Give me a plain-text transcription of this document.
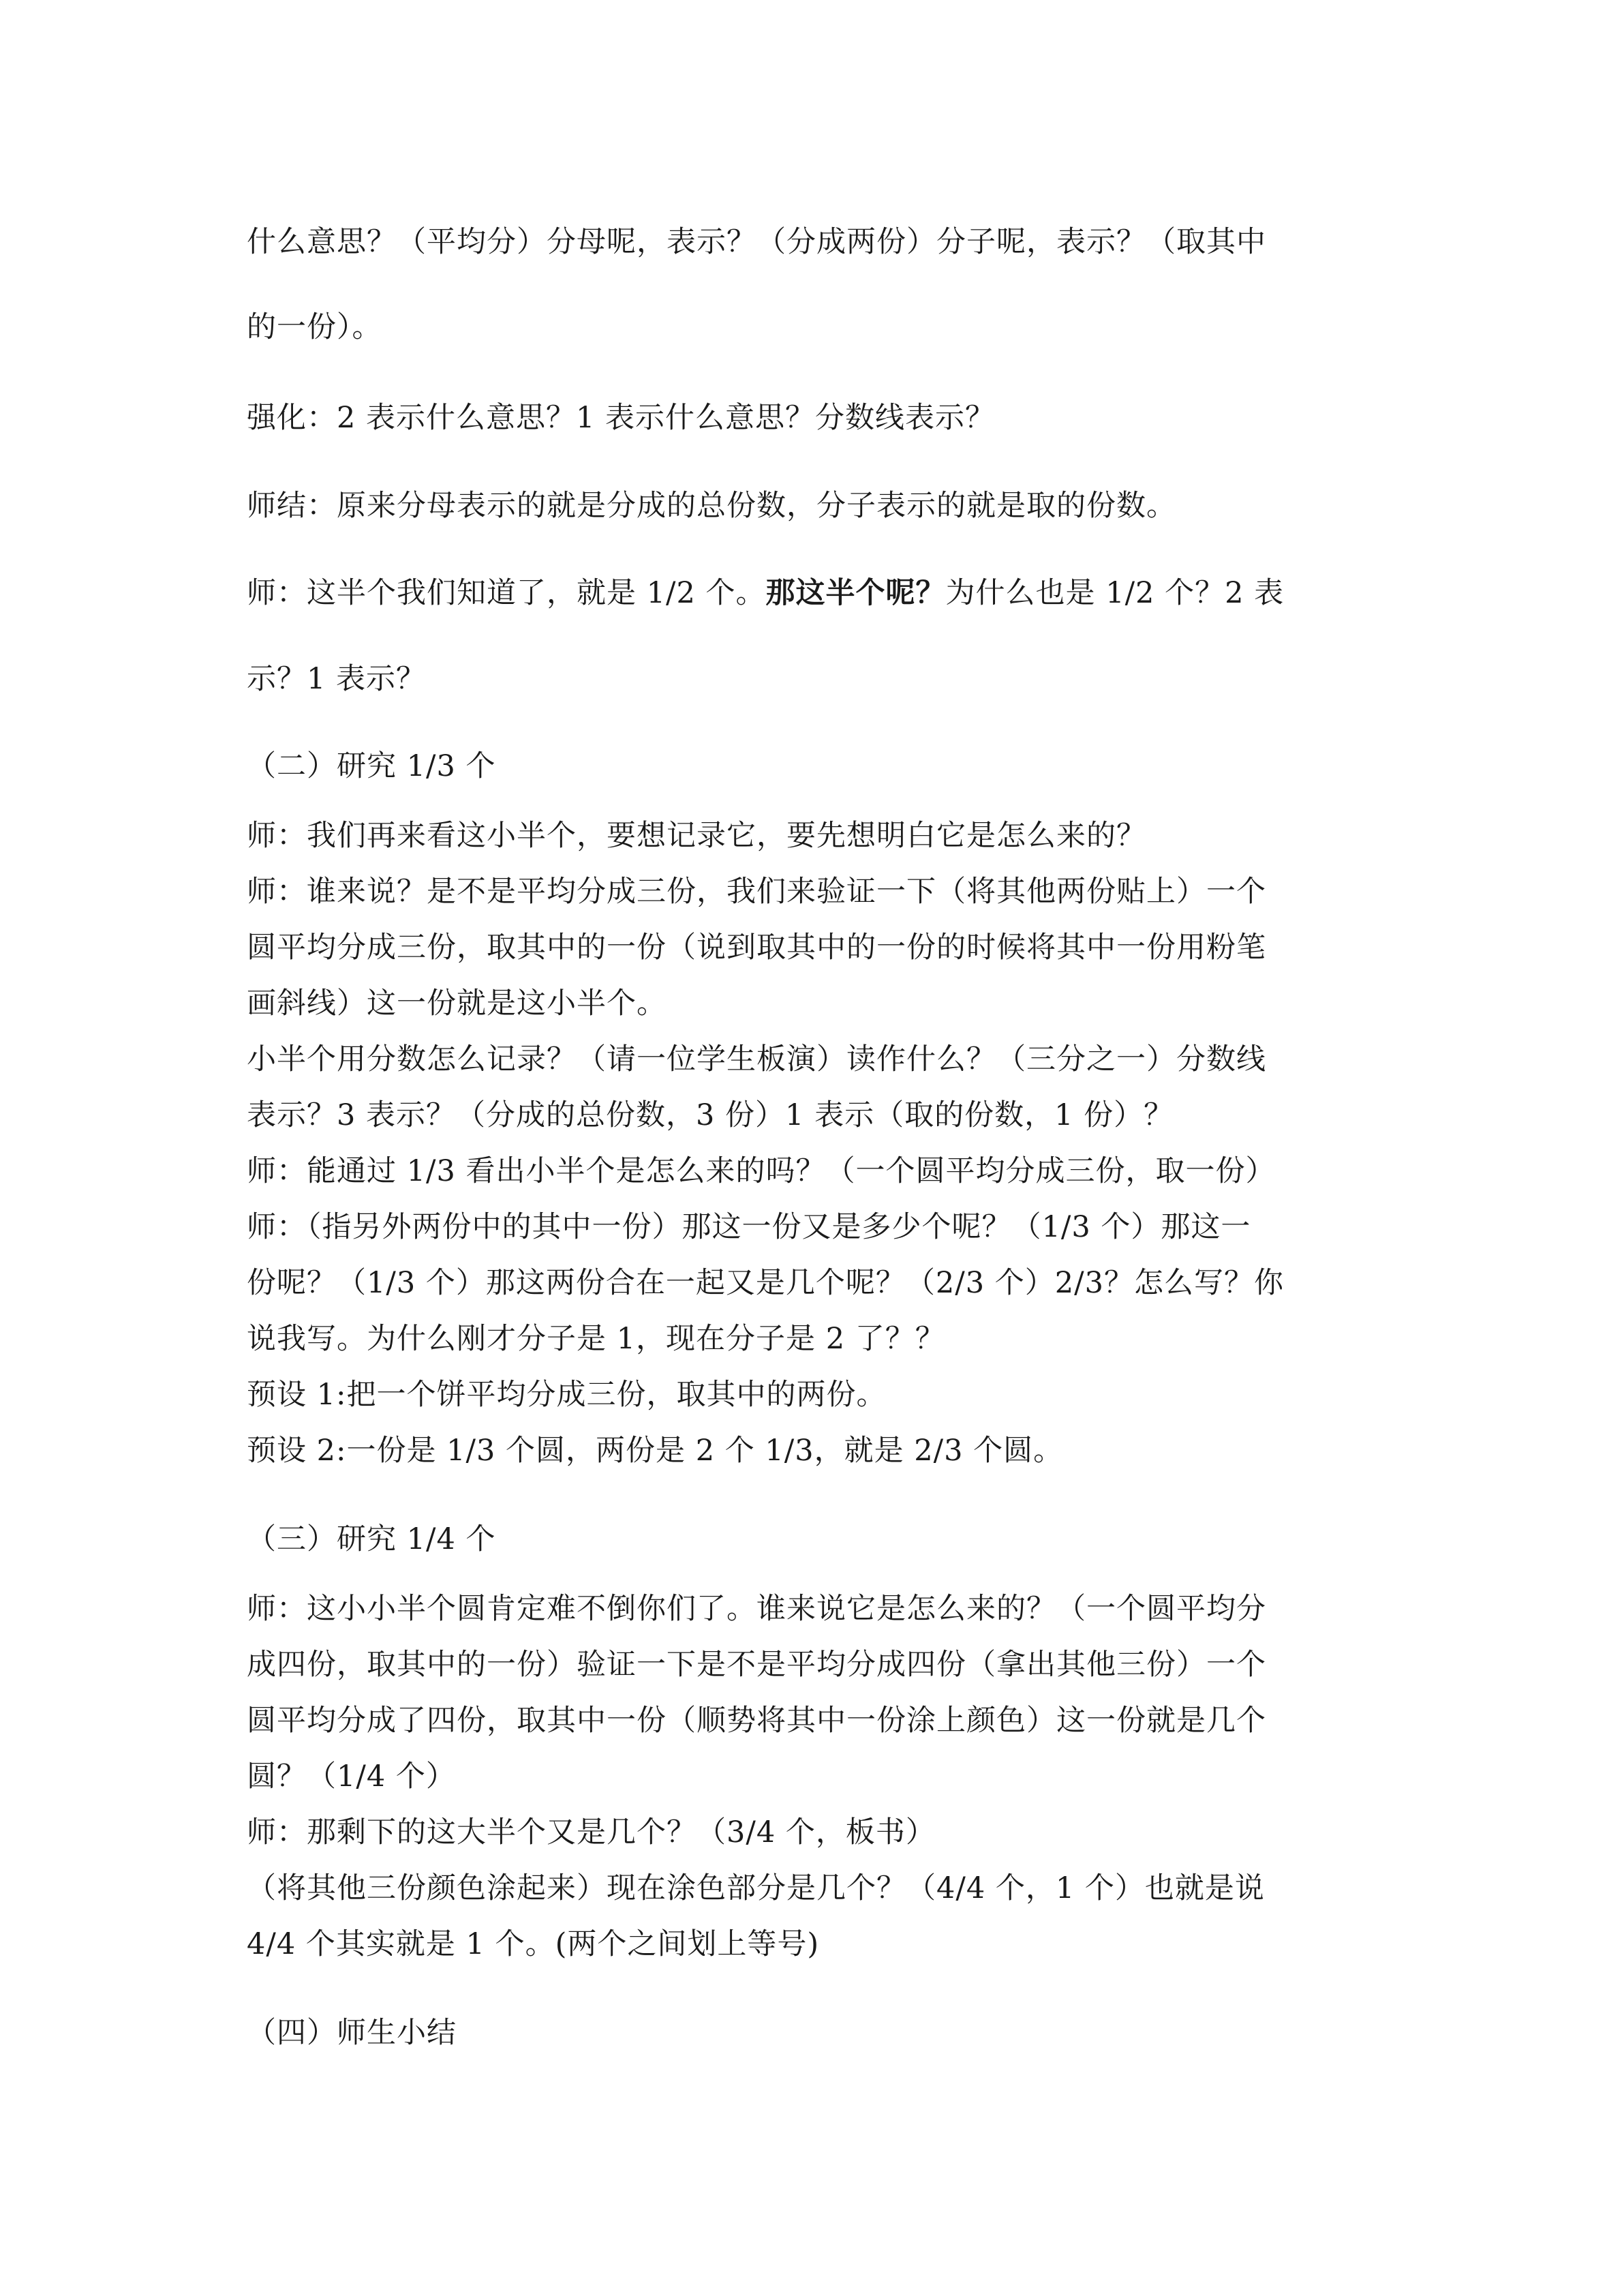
什么意思？（平均分）分母呢，表示？（分成两份）分子呢，表示？（取其中
的一份）。
强化：2 表示什么意思？1 表示什么意思？分数线表示？
师结：原来分母表示的就是分成的总份数，分子表示的就是取的份数。
师：这半个我们知道了，就是 1/2 个。那这半个呢？为什么也是 1/2 个？2 表
示？1 表示？
（二）研究 1/3 个
师：我们再来看这小半个，要想记录它，要先想明白它是怎么来的？
师：谁来说？是不是平均分成三份，我们来验证一下（将其他两份贴上）一个
圆平均分成三份，取其中的一份（说到取其中的一份的时候将其中一份用粉笔
画斜线）这一份就是这小半个。
小半个用分数怎么记录？（请一位学生板演）读作什么？（三分之一）分数线
表示？3 表示？（分成的总份数，3 份）1 表示（取的份数，1 份）？
师：能通过 1/3 看出小半个是怎么来的吗？（一个圆平均分成三份，取一份）
师：（指另外两份中的其中一份）那这一份又是多少个呢？（1/3 个）那这一
份呢？（1/3 个）那这两份合在一起又是几个呢？（2/3 个）2/3？怎么写？你
说我写。为什么刚才分子是 1，现在分子是 2 了？？
预设 1:把一个饼平均分成三份，取其中的两份。
预设 2:一份是 1/3 个圆，两份是 2 个 1/3，就是 2/3 个圆。
（三）研究 1/4 个
师：这小小半个圆肯定难不倒你们了。谁来说它是怎么来的？（一个圆平均分
成四份，取其中的一份）验证一下是不是平均分成四份（拿出其他三份）一个
圆平均分成了四份，取其中一份（顺势将其中一份涂上颜色）这一份就是几个
圆？（1/4 个）
师：那剩下的这大半个又是几个？（3/4 个，板书）
（将其他三份颜色涂起来）现在涂色部分是几个？（4/4 个，1 个）也就是说
4/4 个其实就是 1 个。(两个之间划上等号)
（四）师生小结
